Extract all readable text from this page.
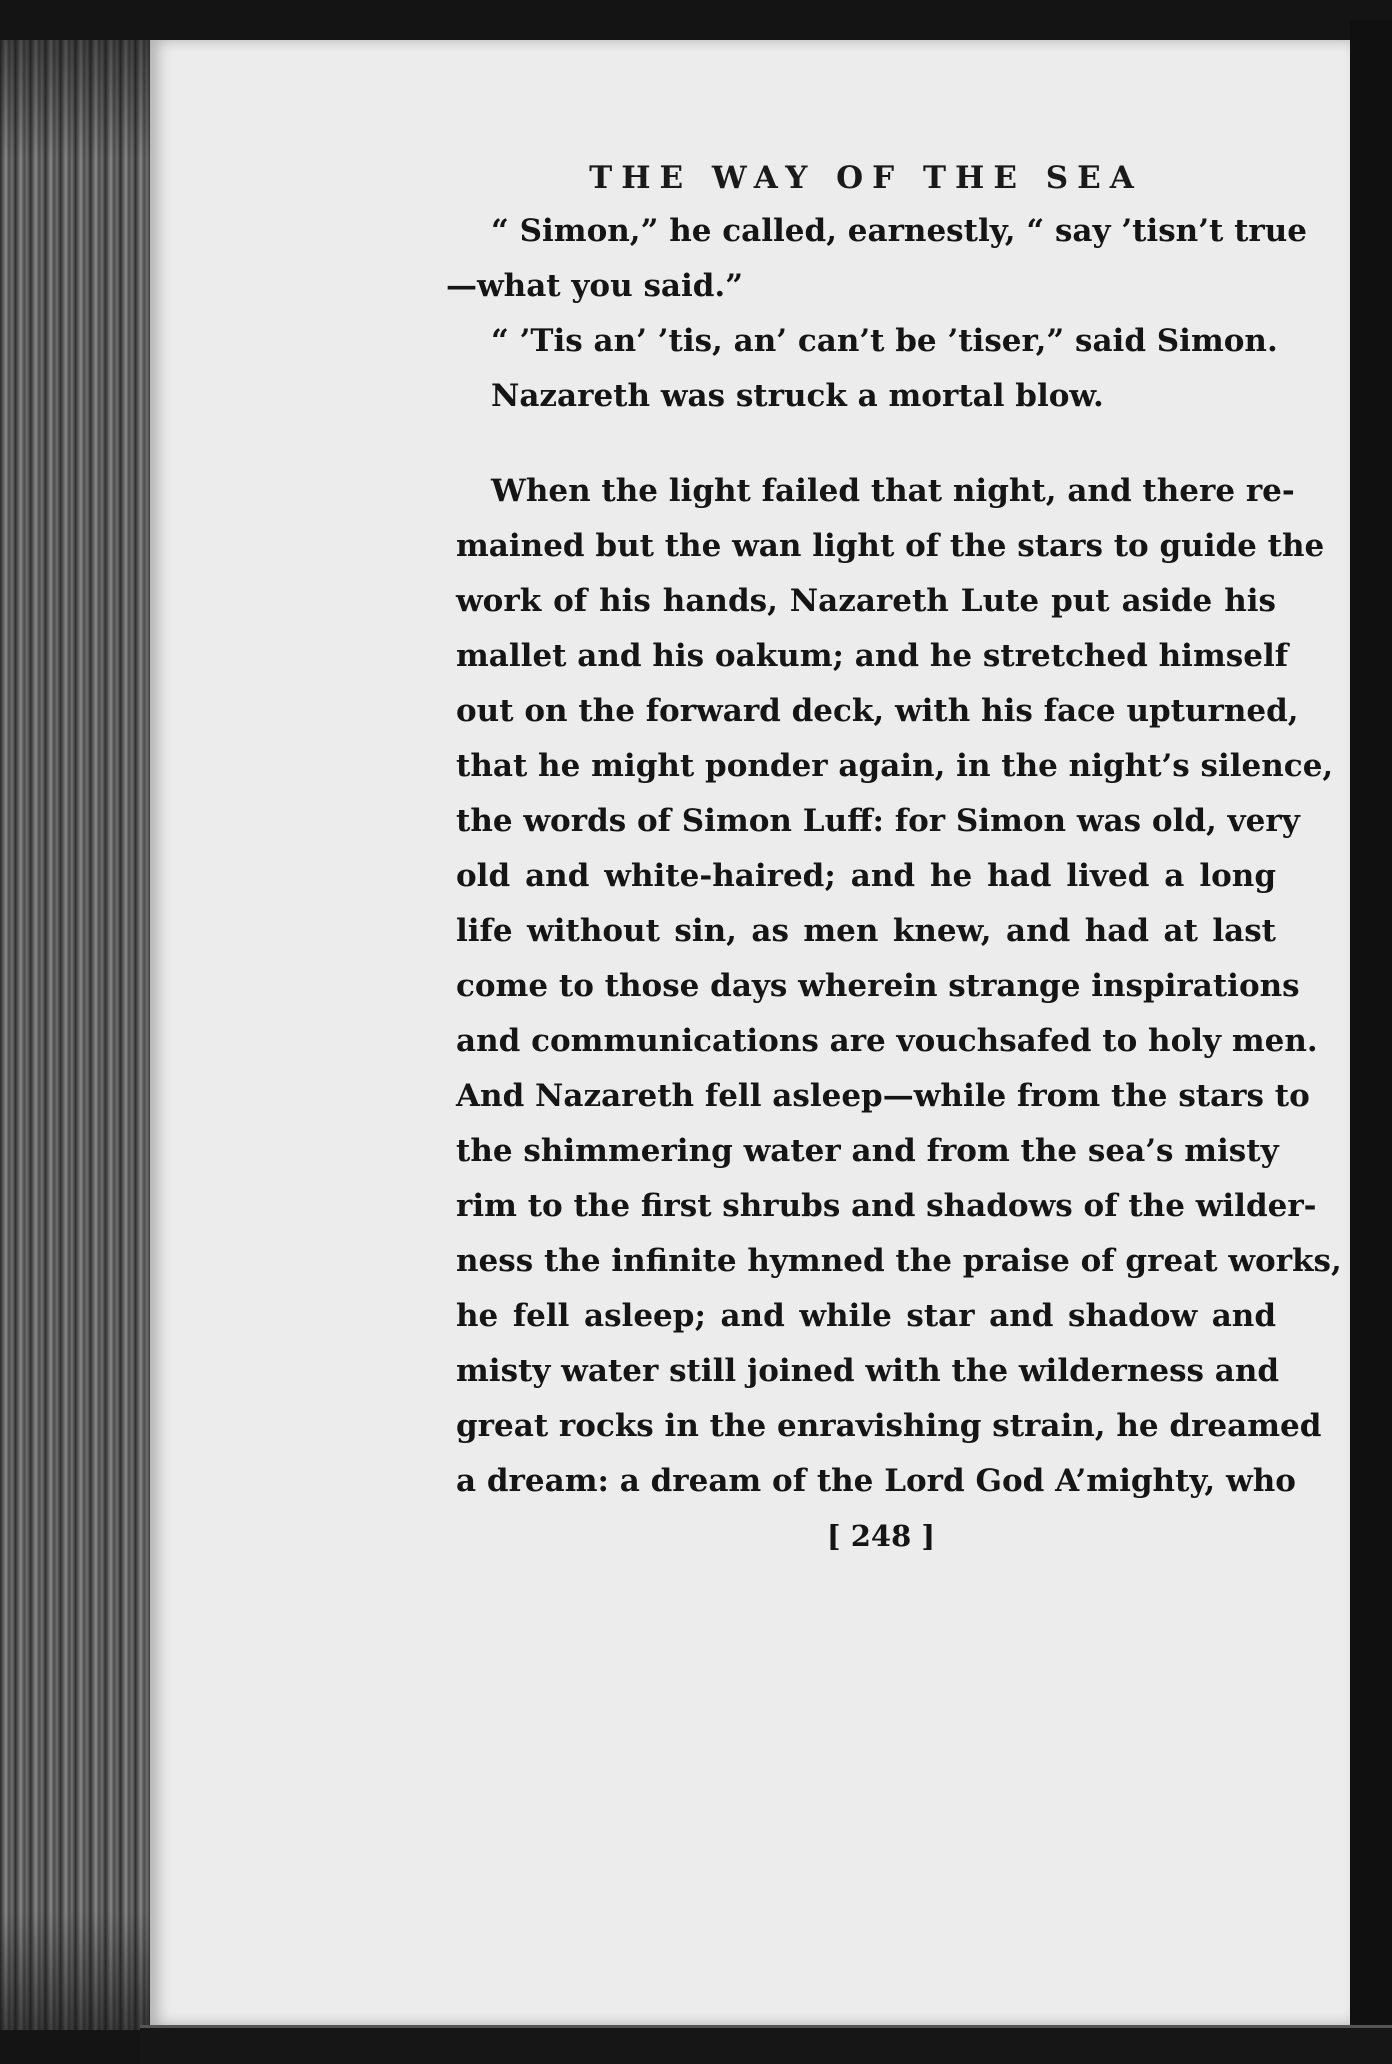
THE WAY OF THE SEA
“ Simon,” he called, earnestly, “ say ’tisn’t true
—what you said.”
“ ’Tis an’ ’tis, an’ can’t be ’tiser,” said Simon.
Nazareth was struck a mortal blow.
When the light failed that night, and there re-
mained but the wan light of the stars to guide the
work of his hands, Nazareth Lute put aside his
mallet and his oakum; and he stretched himself
out on the forward deck, with his face upturned,
that he might ponder again, in the night’s silence,
the words of Simon Luff: for Simon was old, very
old and white-haired; and he had lived a long
life without sin, as men knew, and had at last
come to those days wherein strange inspirations
and communications are vouchsafed to holy men.
And Nazareth fell asleep—while from the stars to
the shimmering water and from the sea’s misty
rim to the first shrubs and shadows of the wilder-
ness the infinite hymned the praise of great works,
he fell asleep; and while star and shadow and
misty water still joined with the wilderness and
great rocks in the enravishing strain, he dreamed
a dream: a dream of the Lord God A’mighty, who
[ 248 ]
